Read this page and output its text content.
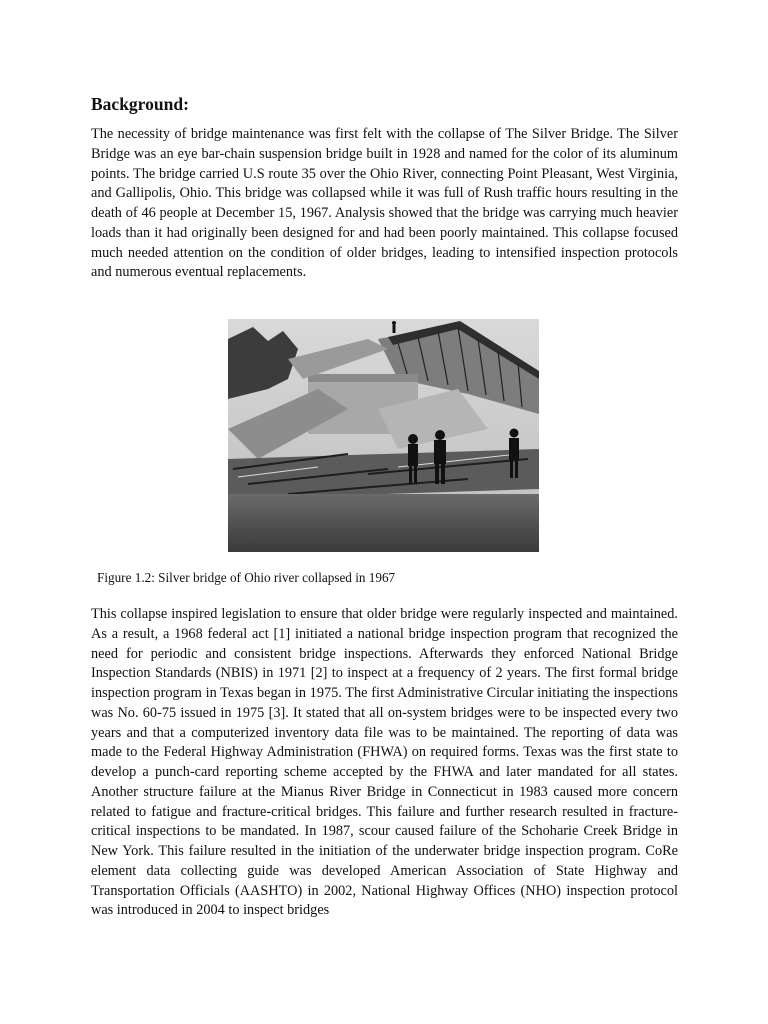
Background:

The necessity of bridge maintenance was first felt with the collapse of The Silver Bridge. The Silver Bridge was an eye bar-chain suspension bridge built in 1928 and named for the color of its aluminum points. The bridge carried U.S route 35 over the Ohio River, connecting Point Pleasant, West Virginia, and Gallipolis, Ohio. This bridge was collapsed while it was full of Rush traffic hours resulting in the death of 46 people at December 15, 1967. Analysis showed that the bridge was carrying much heavier loads than it had originally been designed for and had been poorly maintained. This collapse focused much needed attention on the condition of older bridges, leading to intensified inspection protocols and numerous eventual replacements.

Figure 1.2: Silver bridge of Ohio river collapsed in 1967

This collapse inspired legislation to ensure that older bridge were regularly inspected and maintained. As a result, a 1968 federal act [1] initiated a national bridge inspection program that recognized the need for periodic and consistent bridge inspections. Afterwards they enforced National Bridge Inspection Standards (NBIS) in 1971 [2] to inspect at a frequency of 2 years. The first formal bridge inspection program in Texas began in 1975. The first Administrative Circular initiating the inspections was No. 60-75 issued in 1975 [3]. It stated that all on-system bridges were to be inspected every two years and that a computerized inventory data file was to be maintained. The reporting of data was made to the Federal Highway Administration (FHWA) on required forms. Texas was the first state to develop a punch-card reporting scheme accepted by the FHWA and later mandated for all states. Another structure failure at the Mianus River Bridge in Connecticut in 1983 caused more concern related to fatigue and fracture-critical bridges. This failure and further research resulted in fracture-critical inspections to be mandated. In 1987, scour caused failure of the Schoharie Creek Bridge in New York. This failure resulted in the initiation of the underwater bridge inspection program. CoRe element data collecting guide was developed American Association of State Highway and Transportation Officials (AASHTO) in 2002, National Highway Offices (NHO) inspection protocol was introduced in 2004 to inspect bridges
